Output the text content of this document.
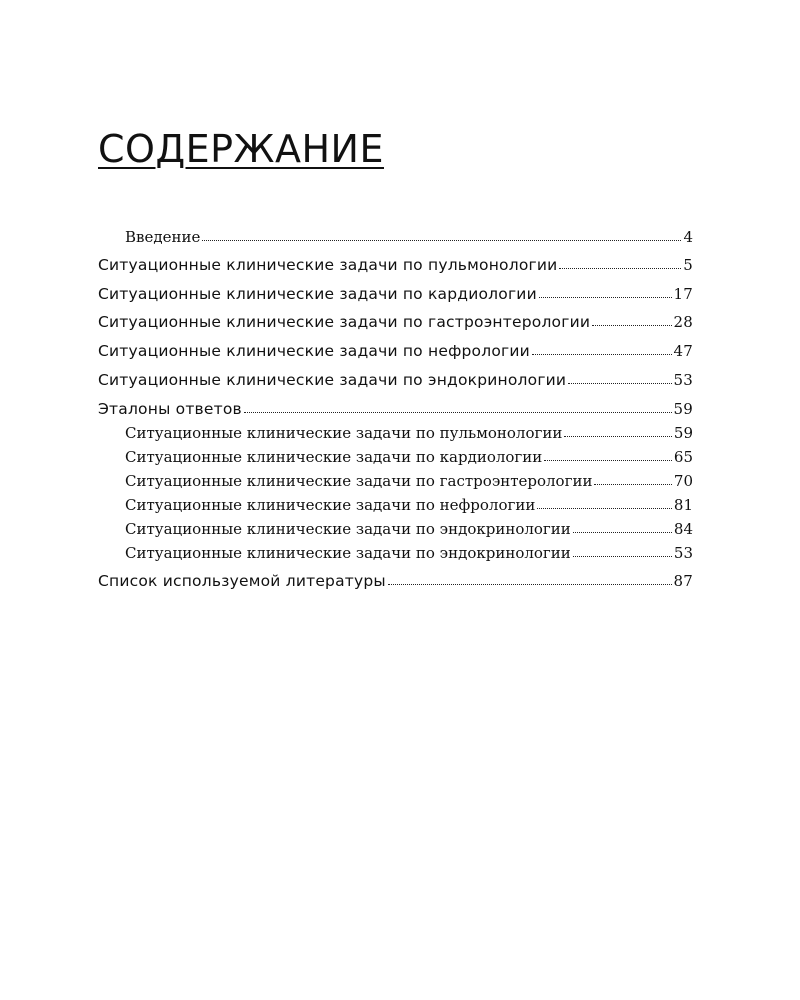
СОДЕРЖАНИЕ
Введение	4
Ситуационные клинические задачи по пульмонологии	5
Ситуационные клинические задачи по кардиологии	17
Ситуационные клинические задачи по гастроэнтерологии	28
Ситуационные клинические задачи по нефрологии	47
Ситуационные клинические задачи по эндокринологии	53
Эталоны ответов	59
Ситуационные клинические задачи по пульмонологии	59
Ситуационные клинические задачи по кардиологии	65
Ситуационные клинические задачи по гастроэнтерологии	70
Ситуационные клинические задачи по нефрологии	81
Ситуационные клинические задачи по эндокринологии	84
Ситуационные клинические задачи по эндокринологии	53
Список используемой литературы	87
